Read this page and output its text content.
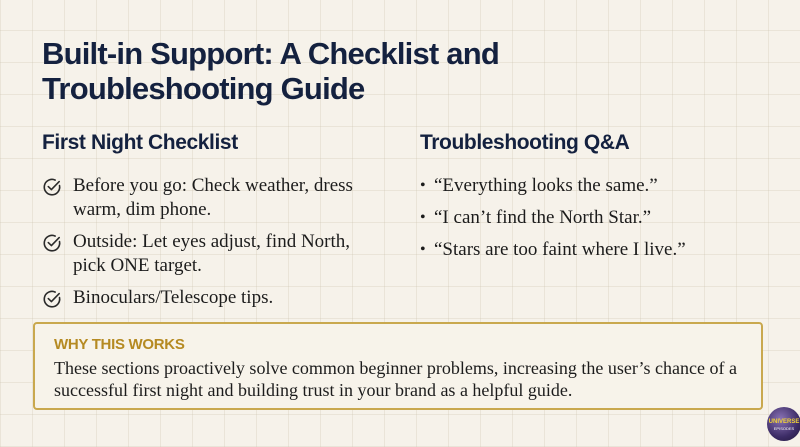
Built-in Support: A Checklist and Troubleshooting Guide
First Night Checklist
Before you go: Check weather, dress warm, dim phone.
Outside: Let eyes adjust, find North, pick ONE target.
Binoculars/Telescope tips.
Troubleshooting Q&A
• “Everything looks the same.”
• “I can’t find the North Star.”
• “Stars are too faint where I live.”
WHY THIS WORKS
These sections proactively solve common beginner problems, increasing the user’s chance of a successful first night and building trust in your brand as a helpful guide.
UNIVERSE
EPISODES
